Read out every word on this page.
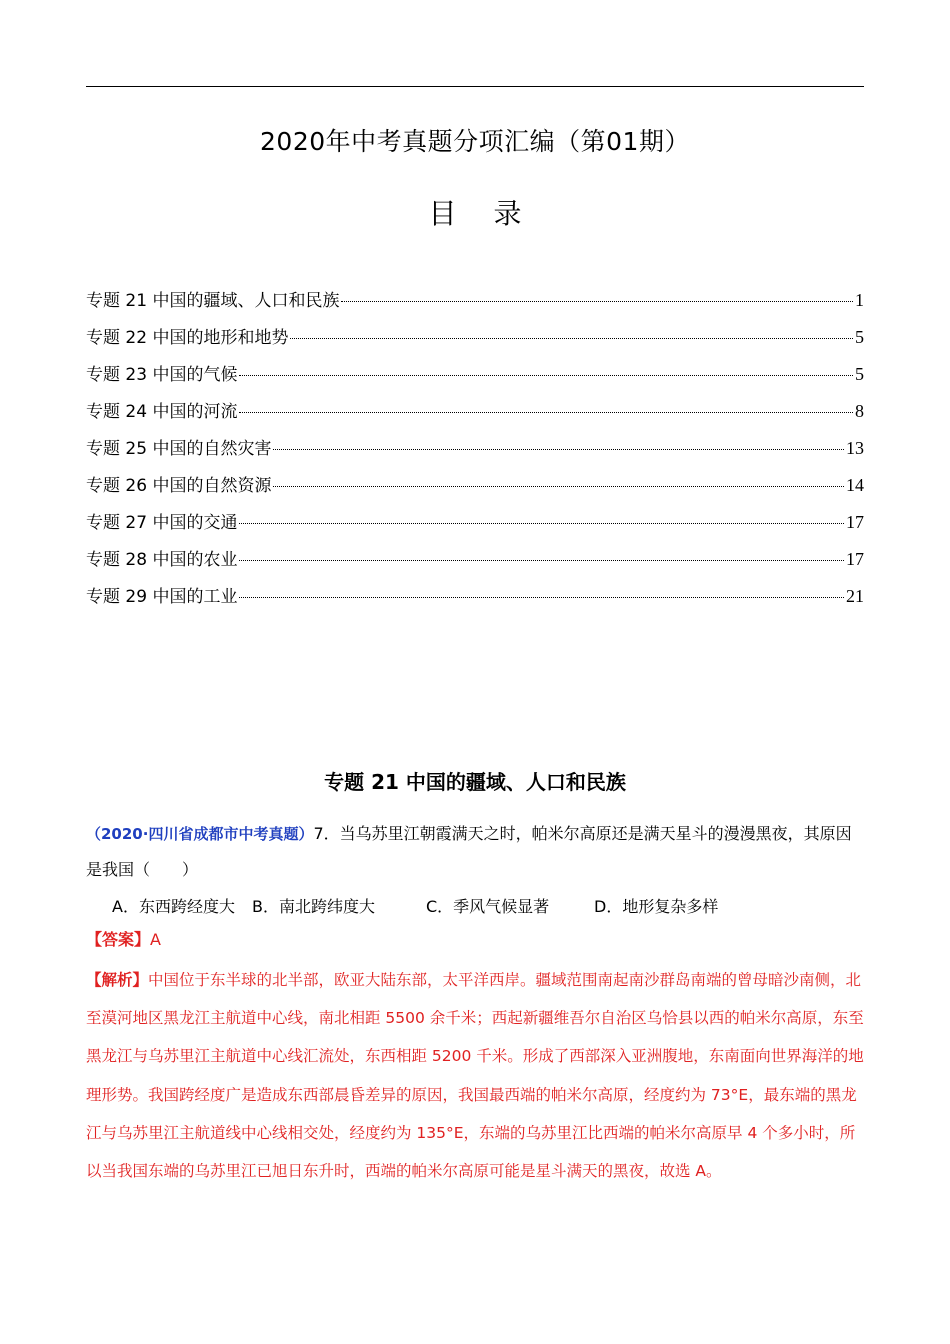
2020年中考真题分项汇编（第01期）
目 录
专题 21 中国的疆域、人口和民族	1
专题 22 中国的地形和地势	5
专题 23 中国的气候	5
专题 24 中国的河流	8
专题 25 中国的自然灾害	13
专题 26 中国的自然资源	14
专题 27 中国的交通	17
专题 28 中国的农业	17
专题 29 中国的工业	21
专题 21 中国的疆域、人口和民族
（2020·四川省成都市中考真题）7．当乌苏里江朝霞满天之时，帕米尔高原还是满天星斗的漫漫黑夜，其原因是我国（　　）
A．东西跨经度大	B．南北跨纬度大	C．季风气候显著	D．地形复杂多样
【答案】A
【解析】中国位于东半球的北半部，欧亚大陆东部，太平洋西岸。疆域范围南起南沙群岛南端的曾母暗沙南侧，北至漠河地区黑龙江主航道中心线，南北相距 5500 余千米；西起新疆维吾尔自治区乌恰县以西的帕米尔高原，东至黑龙江与乌苏里江主航道中心线汇流处，东西相距 5200 千米。形成了西部深入亚洲腹地，东南面向世界海洋的地理形势。我国跨经度广是造成东西部晨昏差异的原因，我国最西端的帕米尔高原，经度约为 73°E，最东端的黑龙江与乌苏里江主航道线中心线相交处，经度约为 135°E，东端的乌苏里江比西端的帕米尔高原早 4 个多小时，所以当我国东端的乌苏里江已旭日东升时，西端的帕米尔高原可能是星斗满天的黑夜，故选 A。
